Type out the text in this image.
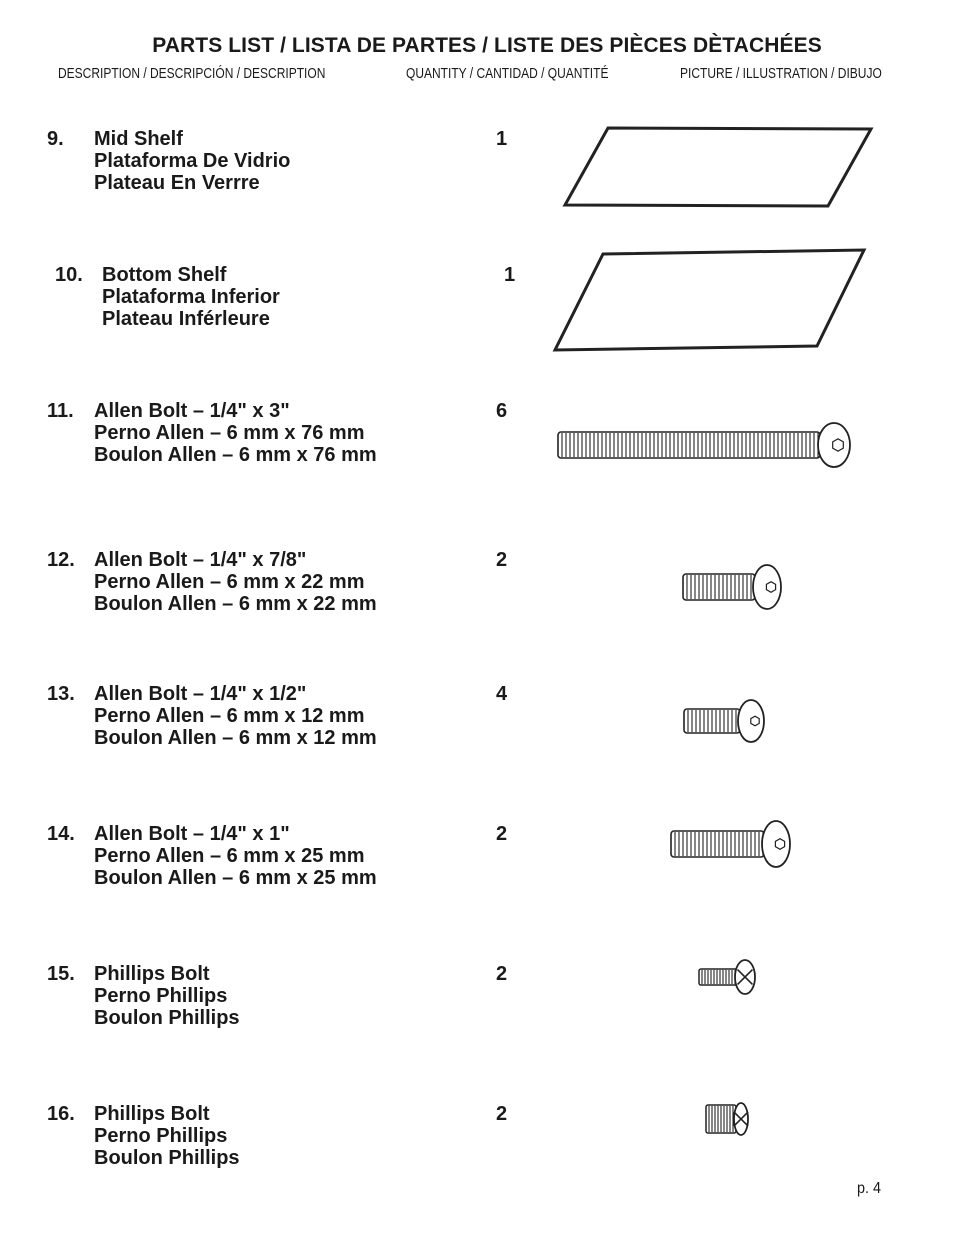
PARTS LIST / LISTA DE PARTES / LISTE DES PIÈCES DÈTACHÉES
DESCRIPTION / DESCRIPCIÓN / DESCRIPTION	QUANTITY / CANTIDAD / QUANTITÉ	PICTURE / ILLUSTRATION / DIBUJO
9. Mid Shelf
Plataforma De Vidrio
Plateau En Verrre
1
10. Bottom Shelf
Plataforma Inferior
Plateau Inférleure
1
11. Allen Bolt – 1/4" x 3"
Perno Allen – 6 mm x 76 mm
Boulon Allen – 6 mm x 76 mm
6
12. Allen Bolt – 1/4" x 7/8"
Perno Allen – 6 mm x 22 mm
Boulon Allen – 6 mm x 22 mm
2
13. Allen Bolt – 1/4" x 1/2"
Perno Allen – 6 mm x 12 mm
Boulon Allen – 6 mm x 12 mm
4
14. Allen Bolt – 1/4" x 1"
Perno Allen – 6 mm x 25 mm
Boulon Allen – 6 mm x 25 mm
2
15. Phillips Bolt
Perno Phillips
Boulon Phillips
2
16. Phillips Bolt
Perno Phillips
Boulon Phillips
2
p. 4
